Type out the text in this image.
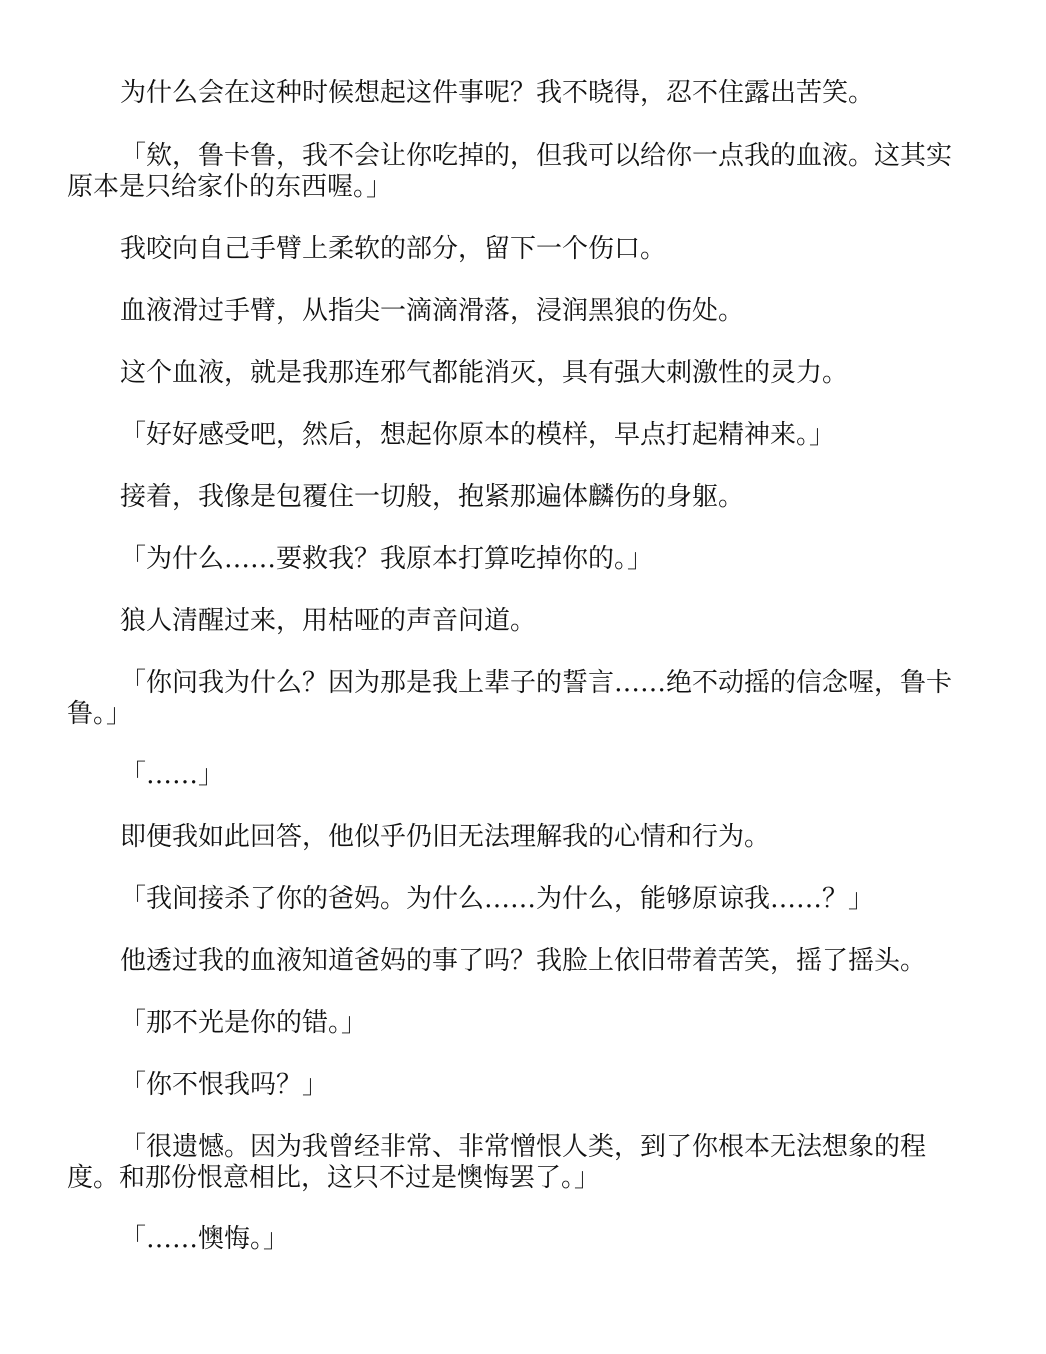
为什么会在这种时候想起这件事呢？我不晓得，忍不住露出苦笑。

「欸，鲁卡鲁，我不会让你吃掉的，但我可以给你一点我的血液。这其实原本是只给家仆的东西喔。」

我咬向自己手臂上柔软的部分，留下一个伤口。

血液滑过手臂，从指尖一滴滴滑落，浸润黑狼的伤处。

这个血液，就是我那连邪气都能消灭，具有强大刺激性的灵力。

「好好感受吧，然后，想起你原本的模样，早点打起精神来。」

接着，我像是包覆住一切般，抱紧那遍体麟伤的身躯。

「为什么……要救我？我原本打算吃掉你的。」

狼人清醒过来，用枯哑的声音问道。

「你问我为什么？因为那是我上辈子的誓言……绝不动摇的信念喔，鲁卡鲁。」

「……」

即便我如此回答，他似乎仍旧无法理解我的心情和行为。

「我间接杀了你的爸妈。为什么……为什么，能够原谅我……？」

他透过我的血液知道爸妈的事了吗？我脸上依旧带着苦笑，摇了摇头。

「那不光是你的错。」

「你不恨我吗？」

「很遗憾。因为我曾经非常、非常憎恨人类，到了你根本无法想象的程度。和那份恨意相比，这只不过是懊悔罢了。」

「……懊悔。」
